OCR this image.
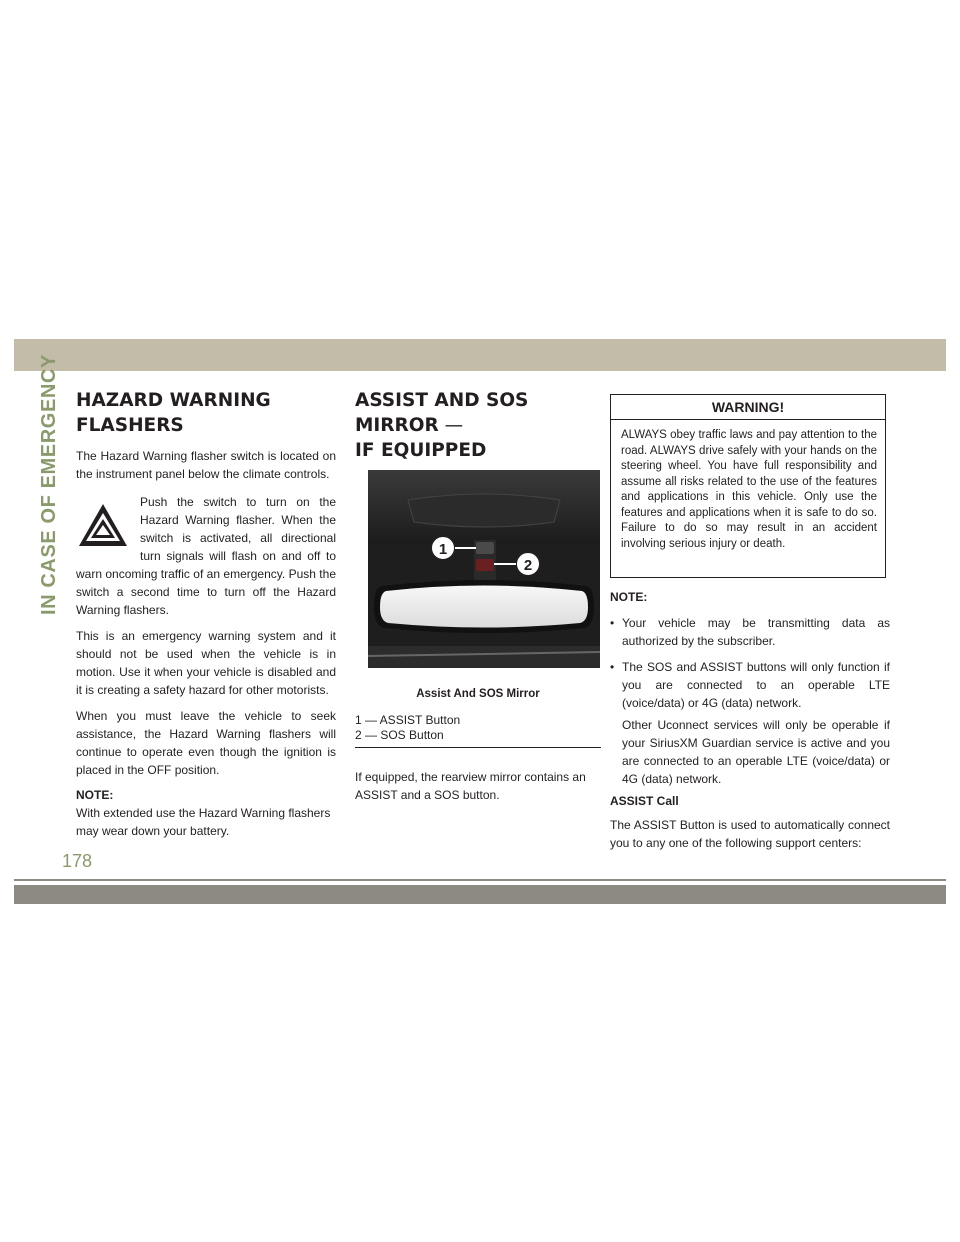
IN CASE OF EMERGENCY HAZARD WARNING
FLASHERS

The Hazard Warning flasher switch is located on the instrument panel below the climate controls.

Push the switch to turn on the Hazard Warning flasher. When the switch is activated, all directional turn signals will flash on and off to warn oncoming traffic of an emergency. Push the switch a second time to turn off the Hazard Warning flashers.

This is an emergency warning system and it should not be used when the vehicle is in motion. Use it when your vehicle is disabled and it is creating a safety hazard for other motorists.

When you must leave the vehicle to seek assistance, the Hazard Warning flashers will continue to operate even though the ignition is placed in the OFF position.

NOTE:

With extended use the Hazard Warning flashers may wear down your battery.

ASSIST AND SOS MIRROR —
IF EQUIPPED
1
2
Assist And SOS Mirror
1 — ASSIST Button
2 — SOS Button

If equipped, the rearview mirror contains an ASSIST and a SOS button.

WARNING!
ALWAYS obey traffic laws and pay attention to the road. ALWAYS drive safely with your hands on the steering wheel. You have full responsibility and assume all risks related to the use of the features and applications in this vehicle. Only use the features and applications when it is safe to do so. Failure to do so may result in an accident involving serious injury or death.
NOTE:
• Your vehicle may be transmitting data as authorized by the subscriber.
• The SOS and ASSIST buttons will only function if you are connected to an operable LTE (voice/data) or 4G (data) network.
Other Uconnect services will only be operable if your SiriusXM Guardian service is active and you are connected to an operable LTE (voice/data) or 4G (data) network.
ASSIST Call

The ASSIST Button is used to automatically connect you to any one of the following support centers:

178
